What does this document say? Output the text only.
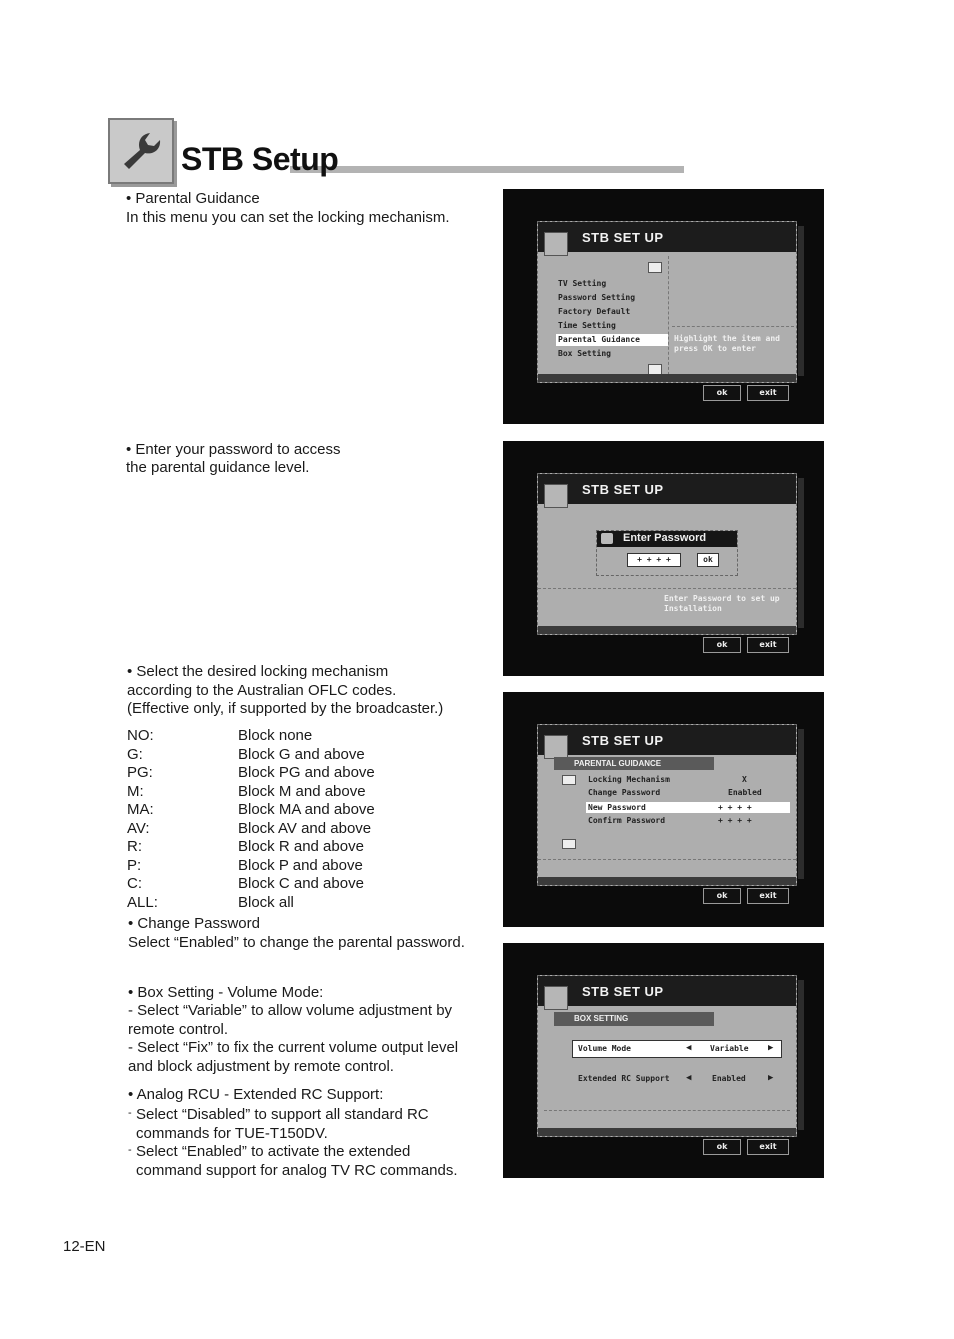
STB Setup
• Parental Guidance
In this menu you can set the locking mechanism.
• Enter your password to access
the parental guidance level.
• Select the desired locking mechanism
according to the Australian OFLC codes.
(Effective only, if supported by the broadcaster.)
NO:	Block none
G:	Block G and above
PG:	Block PG and above
M:	Block M and above
MA:	Block MA and above
AV:	Block AV and above
R:	Block R and above
P:	Block P and above
C:	Block C and above
ALL:	Block all
• Change Password
Select “Enabled” to change the parental password.
• Box Setting - Volume Mode:
- Select “Variable” to allow volume adjustment by
remote control.
- Select “Fix” to fix the current volume output level
and block adjustment by remote control.
• Analog RCU - Extended RC Support:
- Select “Disabled” to support all standard RC
commands for TUE-T150DV.
- Select “Enabled” to activate the extended
command support for analog TV RC commands.
12-EN
STB SET UP
TV Setting
Password Setting
Factory Default
Time Setting
Parental Guidance
Box Setting
Highlight the item and press OK to enter
ok	exit
STB SET UP
Enter Password
+ + + +	ok
Enter Password to set up Installation
ok	exit
STB SET UP
PARENTAL GUIDANCE
Locking Mechanism	X
Change Password	Enabled
New Password	+ + + +
Confirm Password	+ + + +
ok	exit
STB SET UP
BOX SETTING
Volume Mode	◀ Variable ▶
Extended RC Support ◀	Enabled ▶
ok	exit
